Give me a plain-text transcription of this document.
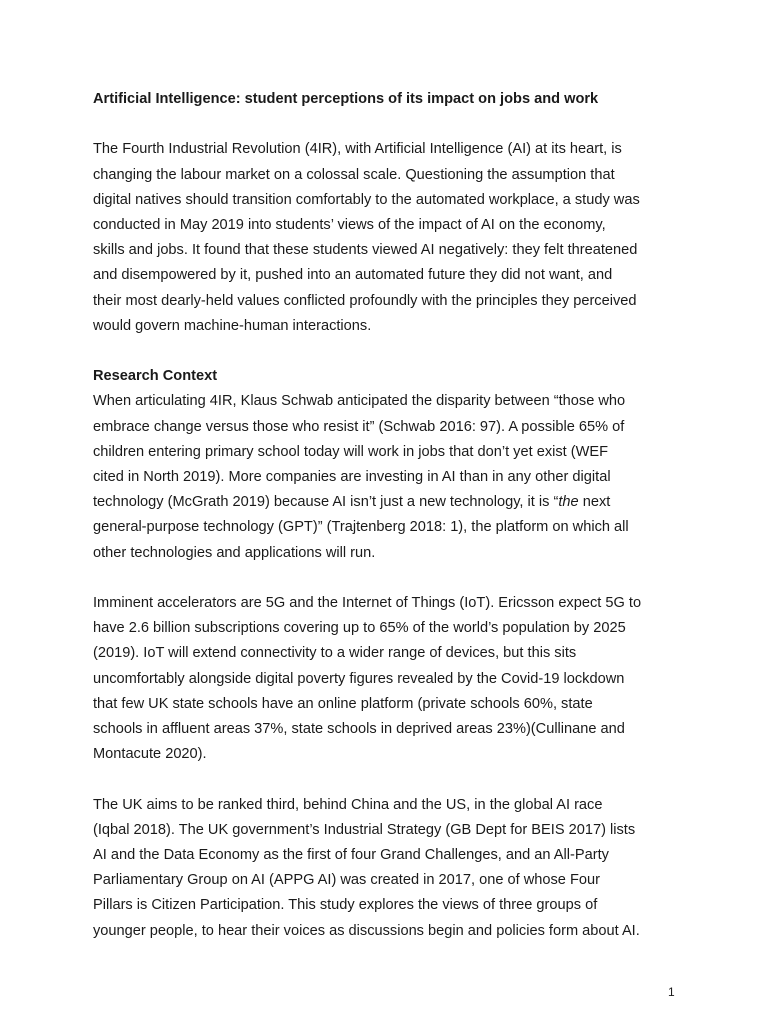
Artificial Intelligence: student perceptions of its impact on jobs and work

The Fourth Industrial Revolution (4IR), with Artificial Intelligence (AI) at its heart, is
changing the labour market on a colossal scale. Questioning the assumption that
digital natives should transition comfortably to the automated workplace, a study was
conducted in May 2019 into students’ views of the impact of AI on the economy,
skills and jobs. It found that these students viewed AI negatively: they felt threatened
and disempowered by it, pushed into an automated future they did not want, and
their most dearly-held values conflicted profoundly with the principles they perceived
would govern machine-human interactions.

Research Context

When articulating 4IR, Klaus Schwab anticipated the disparity between “those who
embrace change versus those who resist it” (Schwab 2016: 97). A possible 65% of
children entering primary school today will work in jobs that don’t yet exist (WEF
cited in North 2019). More companies are investing in AI than in any other digital
technology (McGrath 2019) because AI isn’t just a new technology, it is “the next
general-purpose technology (GPT)” (Trajtenberg 2018: 1), the platform on which all
other technologies and applications will run.

Imminent accelerators are 5G and the Internet of Things (IoT). Ericsson expect 5G to
have 2.6 billion subscriptions covering up to 65% of the world’s population by 2025
(2019). IoT will extend connectivity to a wider range of devices, but this sits
uncomfortably alongside digital poverty figures revealed by the Covid-19 lockdown
that few UK state schools have an online platform (private schools 60%, state
schools in affluent areas 37%, state schools in deprived areas 23%)(Cullinane and
Montacute 2020).

The UK aims to be ranked third, behind China and the US, in the global AI race
(Iqbal 2018). The UK government’s Industrial Strategy (GB Dept for BEIS 2017) lists
AI and the Data Economy as the first of four Grand Challenges, and an All-Party
Parliamentary Group on AI (APPG AI) was created in 2017, one of whose Four
Pillars is Citizen Participation. This study explores the views of three groups of
younger people, to hear their voices as discussions begin and policies form about AI.

1
